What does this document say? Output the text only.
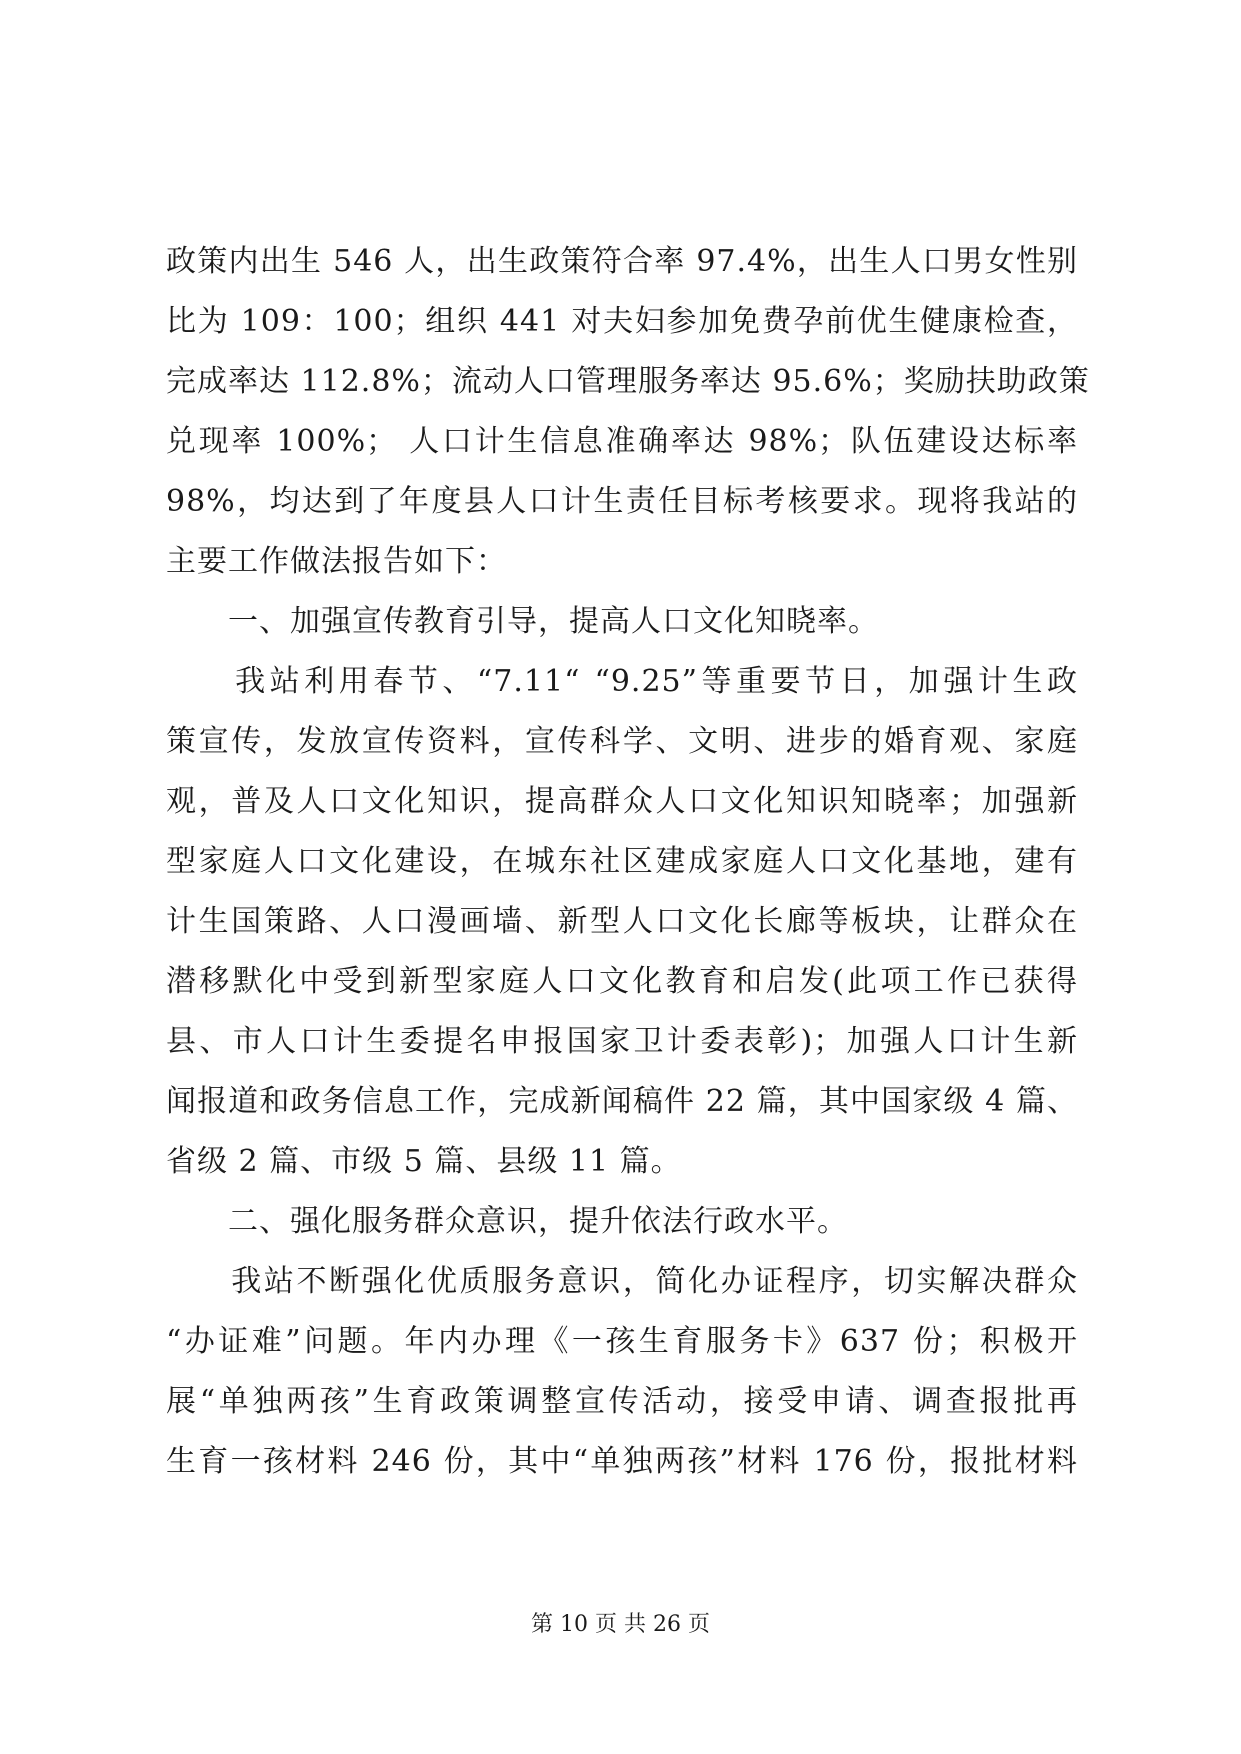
政策内出生 546 人，出生政策符合率 97.4%，出生人口男女性别
比为 109：100；组织 441 对夫妇参加免费孕前优生健康检查，
完成率达 112.8%；流动人口管理服务率达 95.6%；奖励扶助政策
兑现率 100%； 人口计生信息准确率达 98%；队伍建设达标率
98%，均达到了年度县人口计生责任目标考核要求。现将我站的
主要工作做法报告如下：
　　一、加强宣传教育引导，提高人口文化知晓率。
　　我站利用春节、“7.11“ “9.25”等重要节日，加强计生政
策宣传，发放宣传资料，宣传科学、文明、进步的婚育观、家庭
观，普及人口文化知识，提高群众人口文化知识知晓率；加强新
型家庭人口文化建设，在城东社区建成家庭人口文化基地，建有
计生国策路、人口漫画墙、新型人口文化长廊等板块，让群众在
潜移默化中受到新型家庭人口文化教育和启发(此项工作已获得
县、市人口计生委提名申报国家卫计委表彰)；加强人口计生新
闻报道和政务信息工作，完成新闻稿件 22 篇，其中国家级 4 篇、
省级 2 篇、市级 5 篇、县级 11 篇。
　　二、强化服务群众意识，提升依法行政水平。
　　我站不断强化优质服务意识，简化办证程序，切实解决群众
“办证难”问题。年内办理《一孩生育服务卡》637 份；积极开
展“单独两孩”生育政策调整宣传活动，接受申请、调查报批再
生育一孩材料 246 份，其中“单独两孩”材料 176 份，报批材料
第 10 页 共 26 页
